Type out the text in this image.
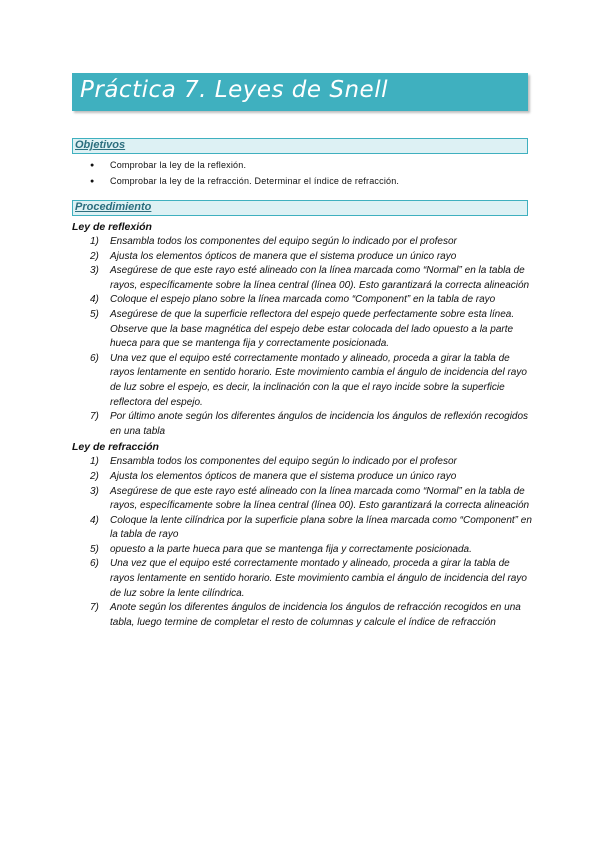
Práctica 7. Leyes de Snell
Objetivos
● Comprobar la ley de la reflexión.
● Comprobar la ley de la refracción. Determinar el índice de refracción.
Procedimiento

Ley de reflexión

1) Ensambla todos los componentes del equipo según lo indicado por el profesor
2) Ajusta los elementos ópticos de manera que el sistema produce un único rayo
3) Asegúrese de que este rayo esté alineado con la línea marcada como “Normal” en la tabla de rayos, específicamente sobre la línea central (línea 00). Esto garantizará la correcta alineación
4) Coloque el espejo plano sobre la línea marcada como “Component” en la tabla de rayo
5) Asegúrese de que la superficie reflectora del espejo quede perfectamente sobre esta línea. Observe que la base magnética del espejo debe estar colocada del lado opuesto a la parte hueca para que se mantenga fija y correctamente posicionada.
6) Una vez que el equipo esté correctamente montado y alineado, proceda a girar la tabla de rayos lentamente en sentido horario. Este movimiento cambia el ángulo de incidencia del rayo de luz sobre el espejo, es decir, la inclinación con la que el rayo incide sobre la superficie reflectora del espejo.
7) Por último anote según los diferentes ángulos de incidencia los ángulos de reflexión recogidos en una tabla

Ley de refracción

1) Ensambla todos los componentes del equipo según lo indicado por el profesor
2) Ajusta los elementos ópticos de manera que el sistema produce un único rayo
3) Asegúrese de que este rayo esté alineado con la línea marcada como “Normal” en la tabla de rayos, específicamente sobre la línea central (línea 00). Esto garantizará la correcta alineación
4) Coloque la lente cilíndrica por la superficie plana sobre la línea marcada como “Component” en la tabla de rayo
5) opuesto a la parte hueca para que se mantenga fija y correctamente posicionada.
6) Una vez que el equipo esté correctamente montado y alineado, proceda a girar la tabla de rayos lentamente en sentido horario. Este movimiento cambia el ángulo de incidencia del rayo de luz sobre la lente cilíndrica.
7) Anote según los diferentes ángulos de incidencia los ángulos de refracción recogidos en una tabla, luego termine de completar el resto de columnas y calcule el índice de refracción
